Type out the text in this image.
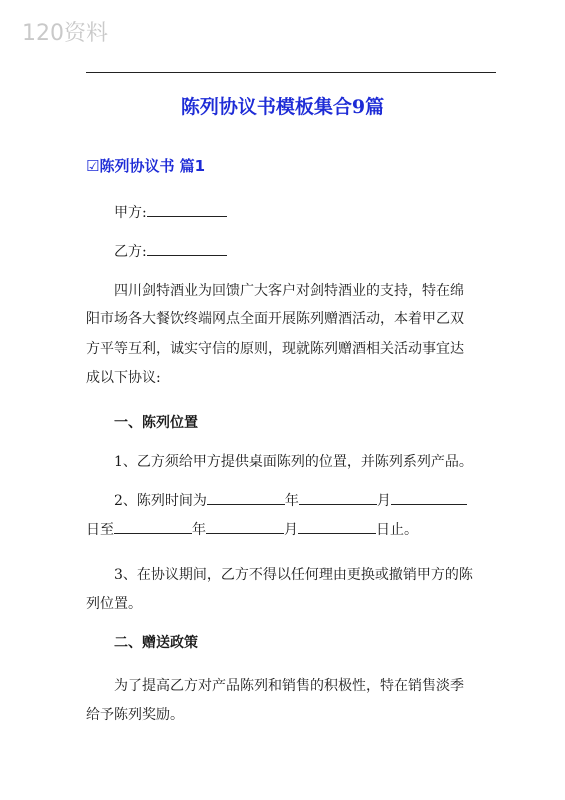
120资料
陈列协议书模板集合9篇
☑陈列协议书 篇1
甲方:
乙方:
四川剑特酒业为回馈广大客户对剑特酒业的支持，特在绵
阳市场各大餐饮终端网点全面开展陈列赠酒活动，本着甲乙双
方平等互利，诚实守信的原则，现就陈列赠酒相关活动事宜达
成以下协议:
一、陈列位置
1、乙方须给甲方提供桌面陈列的位置，并陈列系列产品。
2、陈列时间为	年	月
日至	年	月	日止。
3、在协议期间，乙方不得以任何理由更换或撤销甲方的陈
列位置。
二、赠送政策
为了提高乙方对产品陈列和销售的积极性，特在销售淡季
给予陈列奖励。
